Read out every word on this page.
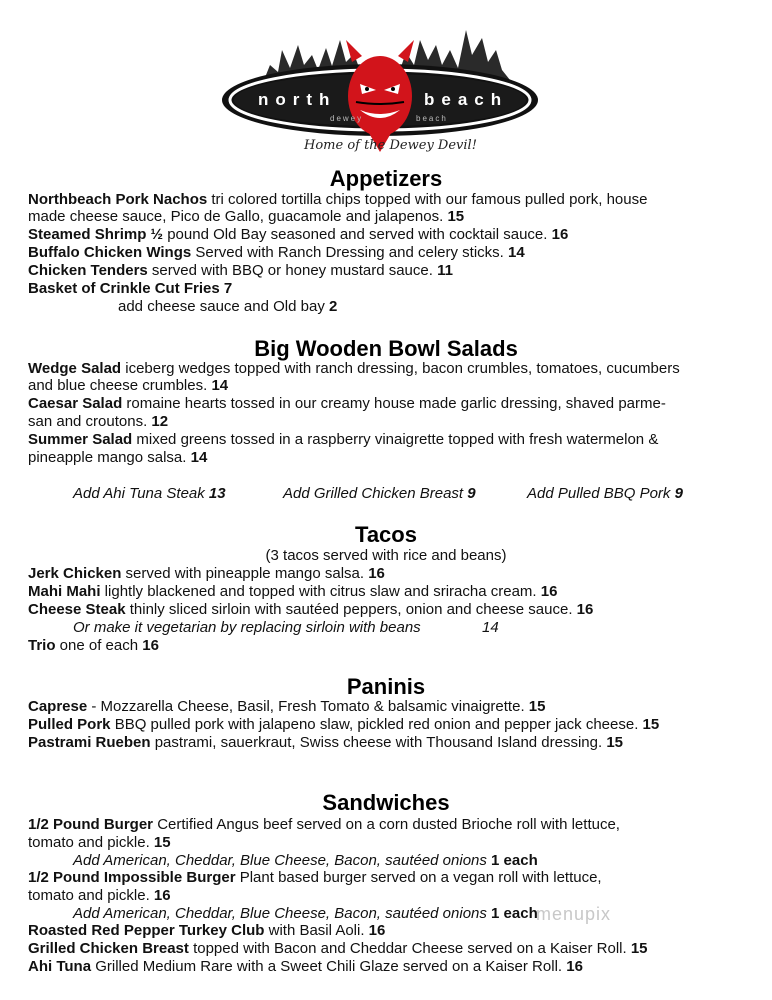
north	beach
dewey	beach
Home of the Dewey Devil!
Appetizers
Northbeach Pork Nachos tri colored tortilla chips topped with our famous pulled pork, house
made cheese sauce, Pico de Gallo, guacamole and jalapenos. 15
Steamed Shrimp ½ pound Old Bay seasoned and served with cocktail sauce. 16
Buffalo Chicken Wings Served with Ranch Dressing and celery sticks. 14
Chicken Tenders served with BBQ or honey mustard sauce. 11
Basket of Crinkle Cut Fries 7
add cheese sauce and Old bay 2
Big Wooden Bowl Salads
Wedge Salad iceberg wedges topped with ranch dressing, bacon crumbles, tomatoes, cucumbers
and blue cheese crumbles. 14
Caesar Salad romaine hearts tossed in our creamy house made garlic dressing, shaved parme-
san and croutons. 12
Summer Salad mixed greens tossed in a raspberry vinaigrette topped with fresh watermelon &
pineapple mango salsa. 14
Add Ahi Tuna Steak 13	Add Grilled Chicken Breast 9	Add Pulled BBQ Pork 9
Tacos
(3 tacos served with rice and beans)
Jerk Chicken served with pineapple mango salsa. 16
Mahi Mahi lightly blackened and topped with citrus slaw and sriracha cream. 16
Cheese Steak thinly sliced sirloin with sautéed peppers, onion and cheese sauce. 16
Or make it vegetarian by replacing sirloin with beans	14
Trio one of each 16
Paninis
Caprese - Mozzarella Cheese, Basil, Fresh Tomato & balsamic vinaigrette. 15
Pulled Pork BBQ pulled pork with jalapeno slaw, pickled red onion and pepper jack cheese. 15
Pastrami Rueben pastrami, sauerkraut, Swiss cheese with Thousand Island dressing. 15
Sandwiches
1/2 Pound Burger Certified Angus beef served on a corn dusted Brioche roll with lettuce,
tomato and pickle. 15
Add American, Cheddar, Blue Cheese, Bacon, sautéed onions 1 each
1/2 Pound Impossible Burger Plant based burger served on a vegan roll with lettuce,
tomato and pickle. 16
Add American, Cheddar, Blue Cheese, Bacon, sautéed onions 1 each
Roasted Red Pepper Turkey Club with Basil Aoli. 16
Grilled Chicken Breast topped with Bacon and Cheddar Cheese served on a Kaiser Roll. 15
Ahi Tuna Grilled Medium Rare with a Sweet Chili Glaze served on a Kaiser Roll. 16
menupix
